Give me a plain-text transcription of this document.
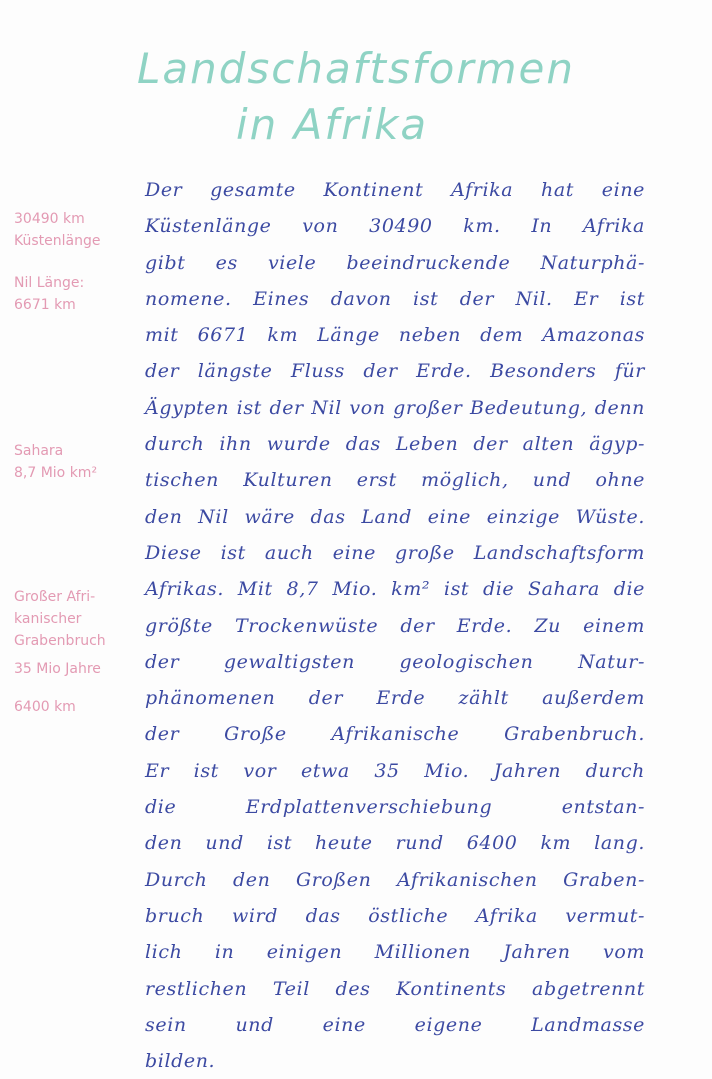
Landschaftsformen
in Afrika
30490 km
Küstenlänge
Nil Länge:
6671 km
Sahara
8,7 Mio km²
Großer Afri-
kanischer
Grabenbruch
35 Mio Jahre
6400 km
Der gesamte Kontinent Afrika hat eine
Küstenlänge von 30490 km. In Afrika
gibt es viele beeindruckende Naturphä-
nomene. Eines davon ist der Nil. Er ist
mit 6671 km Länge neben dem Amazonas
der längste Fluss der Erde. Besonders für
Ägypten ist der Nil von großer Bedeutung, denn
durch ihn wurde das Leben der alten ägyp-
tischen Kulturen erst möglich, und ohne
den Nil wäre das Land eine einzige Wüste.
Diese ist auch eine große Landschaftsform
Afrikas. Mit 8,7 Mio. km² ist die Sahara die
größte Trockenwüste der Erde. Zu einem
der gewaltigsten geologischen Natur-
phänomenen der Erde zählt außerdem
der Große Afrikanische Grabenbruch.
Er ist vor etwa 35 Mio. Jahren durch
die Erdplattenverschiebung entstan-
den und ist heute rund 6400 km lang.
Durch den Großen Afrikanischen Graben-
bruch wird das östliche Afrika vermut-
lich in einigen Millionen Jahren vom
restlichen Teil des Kontinents abgetrennt
sein und eine eigene Landmasse
bilden.
